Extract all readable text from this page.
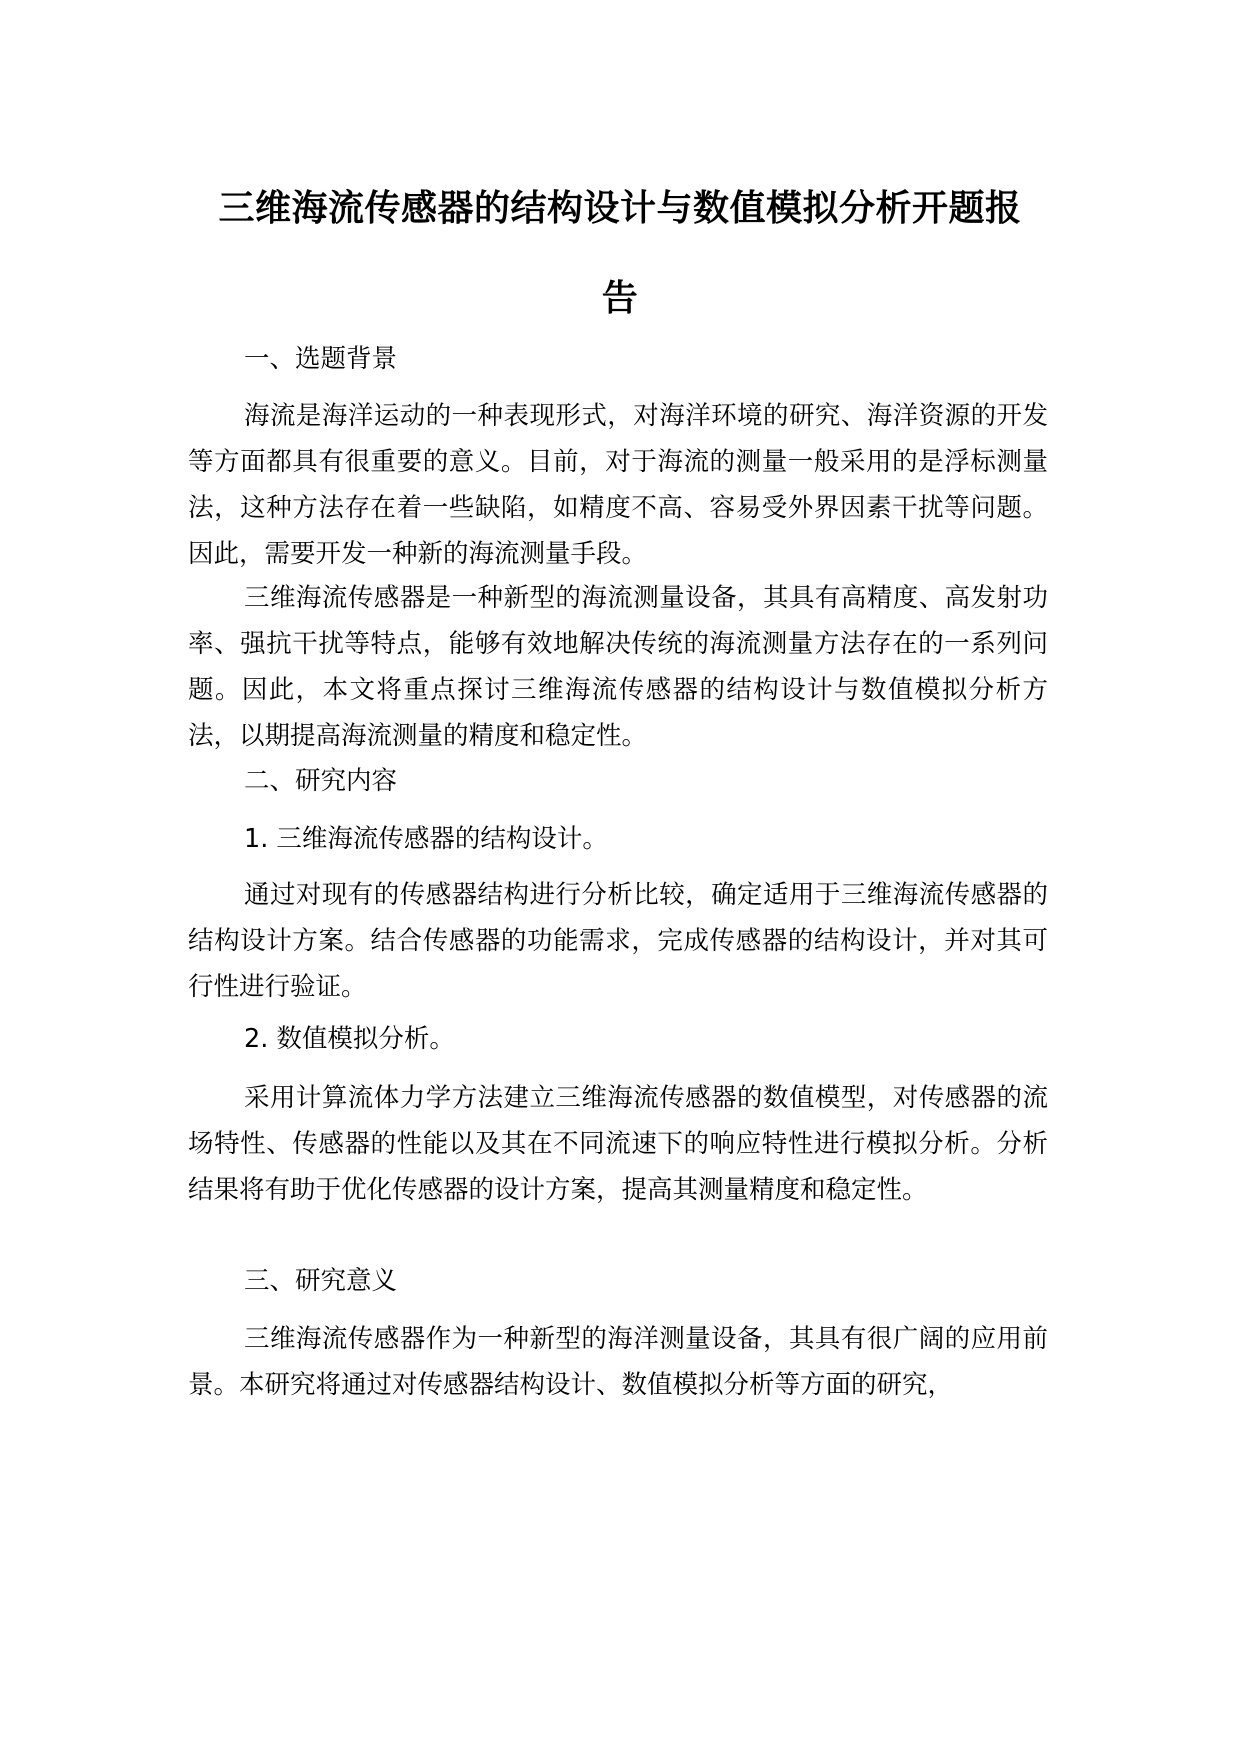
三维海流传感器的结构设计与数值模拟分析开题报
告

一、选题背景

海流是海洋运动的一种表现形式，对海洋环境的研究、海洋资源的开发等方面都具有很重要的意义。目前，对于海流的测量一般采用的是浮标测量法，这种方法存在着一些缺陷，如精度不高、容易受外界因素干扰等问题。因此，需要开发一种新的海流测量手段。

三维海流传感器是一种新型的海流测量设备，其具有高精度、高发射功率、强抗干扰等特点，能够有效地解决传统的海流测量方法存在的一系列问题。因此，本文将重点探讨三维海流传感器的结构设计与数值模拟分析方法，以期提高海流测量的精度和稳定性。

二、研究内容

1. 三维海流传感器的结构设计。

通过对现有的传感器结构进行分析比较，确定适用于三维海流传感器的结构设计方案。结合传感器的功能需求，完成传感器的结构设计，并对其可行性进行验证。

2. 数值模拟分析。

采用计算流体力学方法建立三维海流传感器的数值模型，对传感器的流场特性、传感器的性能以及其在不同流速下的响应特性进行模拟分析。分析结果将有助于优化传感器的设计方案，提高其测量精度和稳定性。

三、研究意义

三维海流传感器作为一种新型的海洋测量设备，其具有很广阔的应用前景。本研究将通过对传感器结构设计、数值模拟分析等方面的研究，
